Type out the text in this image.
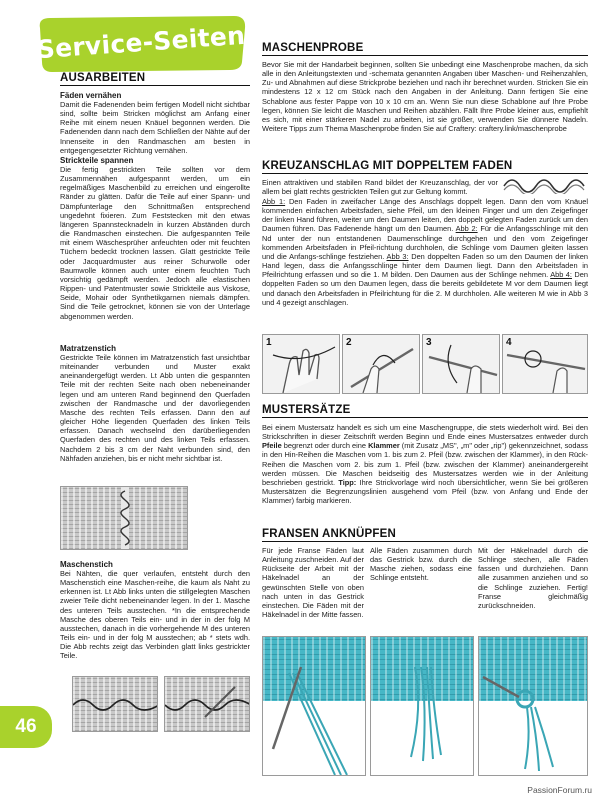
Service-Seiten
46
AUSARBEITEN
Fäden vernähen
Damit die Fadenenden beim fertigen Modell nicht sichtbar sind, sollte beim Stricken möglichst am Anfang einer Reihe mit einem neuen Knäuel begonnen werden. Die Fadenenden dann nach dem Schließen der Nähte auf der Innenseite in den Randmaschen am besten in entgegengesetzter Richtung vernähen.
Strickteile spannen
Die fertig gestrickten Teile sollten vor dem Zusammennähen aufgespannt werden, um ein regelmäßiges Maschenbild zu erreichen und eingerollte Ränder zu glätten. Dafür die Teile auf einer Spann- und Dämpfunterlage den Schnittmaßen entsprechend ungedehnt fixieren. Zum Feststecken mit den etwas längeren Spannstecknadeln in kurzen Abständen durch die Randmaschen einstechen. Die aufgespannten Teile mit einem Wäschesprüher anfeuchten oder mit feuchten Tüchern bedeckt trocknen lassen. Glatt gestrickte Teile oder Jacquardmuster aus reiner Schurwolle oder Baumwolle können auch unter einem feuchten Tuch vorsichtig gedämpft werden. Jedoch alle elastischen Rippen- und Patentmuster sowie Strickteile aus Viskose, Seide, Mohair oder Synthetikgarnen niemals dämpfen. Sind die Teile getrocknet, können sie von der Unterlage abgenommen werden.
Matratzenstich
Gestrickte Teile können im Matratzenstich fast unsichtbar miteinander verbunden und Muster exakt aneinandergefügt werden. Lt Abb unten die gespannten Teile mit der rechten Seite nach oben nebeneinander legen und am unteren Rand beginnend den Querfaden zwischen der Randmasche und der davorliegenden Masche des rechten Teils erfassen. Dann den auf gleicher Höhe liegenden Querfaden des linken Teils erfassen. Danach wechselnd den darüberliegenden Querfaden des rechten und des linken Teils erfassen. Nachdem 2 bis 3 cm der Naht verbunden sind, den Nähfaden anziehen, bis er nicht mehr sichtbar ist.
Maschenstich
Bei Nähten, die quer verlaufen, entsteht durch den Maschenstich eine Maschen-reihe, die kaum als Naht zu erkennen ist. Lt Abb links unten die stillgelegten Maschen zweier Teile dicht nebeneinander legen. In der 1. Masche des unteren Teils ausstechen. *In die entsprechende Masche des oberen Teils ein- und in der in der folg M ausstechen, danach in die vorhergehende M des unteren Teils ein- und in der folg M ausstechen; ab * stets wdh. Die Abb rechts zeigt das Verbinden glatt links gestrickter Teile.
MASCHENPROBE
Bevor Sie mit der Handarbeit beginnen, sollten Sie unbedingt eine Maschenprobe machen, da sich alle in den Anleitungstexten und -schemata genannten Angaben über Maschen- und Reihenzahlen, Zu- und Abnahmen auf diese Strickprobe beziehen und nach ihr berechnet wurden. Stricken Sie ein mindestens 12 x 12 cm Stück nach den Angaben in der Anleitung. Dann fertigen Sie eine Schablone aus fester Pappe von 10 x 10 cm an. Wenn Sie nun diese Schablone auf Ihre Probe legen, können Sie leicht die Maschen und Reihen abzählen. Fällt Ihre Probe kleiner aus, empfiehlt es sich, mit einer stärkeren Nadel zu arbeiten, ist sie größer, verwenden Sie dünnere Nadeln. Weitere Tipps zum Thema Maschenprobe finden Sie auf Craftery: craftery.link/maschenprobe
KREUZANSCHLAG MIT DOPPELTEM FADEN
Einen attraktiven und stabilen Rand bildet der Kreuzanschlag, der vor allem bei glatt rechts gestrickten Teilen gut zur Geltung kommt.
Abb 1: Den Faden in zweifacher Länge des Anschlags doppelt legen. Dann den vom Knäuel kommenden einfachen Arbeitsfaden, siehe Pfeil, um den kleinen Finger und um den Zeigefinger der linken Hand führen, weiter um den Daumen leiten, den doppelt gelegten Faden zurück um den Daumen führen. Das Fadenende hängt um den Daumen. Abb 2: Für die Anfangsschlinge mit den Nd unter der nun entstandenen Daumenschlinge durchgehen und den vom Zeigefinger kommenden Arbeitsfaden in Pfeil-richtung durchholen, die Schlinge vom Daumen gleiten lassen und die Anfangs-schlinge festziehen. Abb 3: Den doppelten Faden so um den Daumen der linken Hand legen, dass die Anfangsschlinge hinter dem Daumen liegt. Dann den Arbeitsfaden in Pfeilrichtung erfassen und so die 1. M bilden. Den Daumen aus der Schlinge nehmen. Abb 4: Den doppelten Faden so um den Daumen legen, dass die bereits gebildetete M vor dem Daumen liegt und danach den Arbeitsfaden in Pfeilrichtung für die 2. M durchholen. Alle weiteren M wie in Abb 3 und 4 gezeigt anschlagen.
1	2	3	4
MUSTERSÄTZE
Bei einem Mustersatz handelt es sich um eine Maschengruppe, die stets wiederholt wird. Bei den Strickschriften in dieser Zeitschrift werden Beginn und Ende eines Mustersatzes entweder durch Pfeile begrenzt oder durch eine Klammer (mit Zusatz „MS", „m" oder „rip") gekennzeichnet, sodass in den Hin-Reihen die Maschen vom 1. bis zum 2. Pfeil (bzw. zwischen der Klammer), in den Rück-Reihen die Maschen vom 2. bis zum 1. Pfeil (bzw. zwischen der Klammer) aneinandergereiht werden müssen. Die Maschen beidseitig des Mustersatzes werden wie in der Anleitung beschrieben gestrickt. Tipp: Ihre Strickvorlage wird noch übersichtlicher, wenn Sie bei größeren Mustersätzen die Begrenzungslinien ausgehend vom Pfeil (bzw. von Anfang und Ende der Klammer) farbig markieren.
FRANSEN ANKNÜPFEN
Für jede Franse Fäden laut Anleitung zuschneiden. Auf der Rückseite der Arbeit mit der Häkelnadel an der gewünschten Stelle von oben nach unten in das Gestrick einstechen. Die Fäden mit der Häkelnadel in der Mitte fassen.
Alle Fäden zusammen durch das Gestrick bzw. durch die Masche ziehen, sodass eine Schlinge entsteht.
Mit der Häkelnadel durch die Schlinge stechen, alle Fäden fassen und durchziehen. Dann alle zusammen anziehen und so die Schlinge zuziehen. Fertig! Franse gleichmäßig zurückschneiden.
PassionForum.ru
